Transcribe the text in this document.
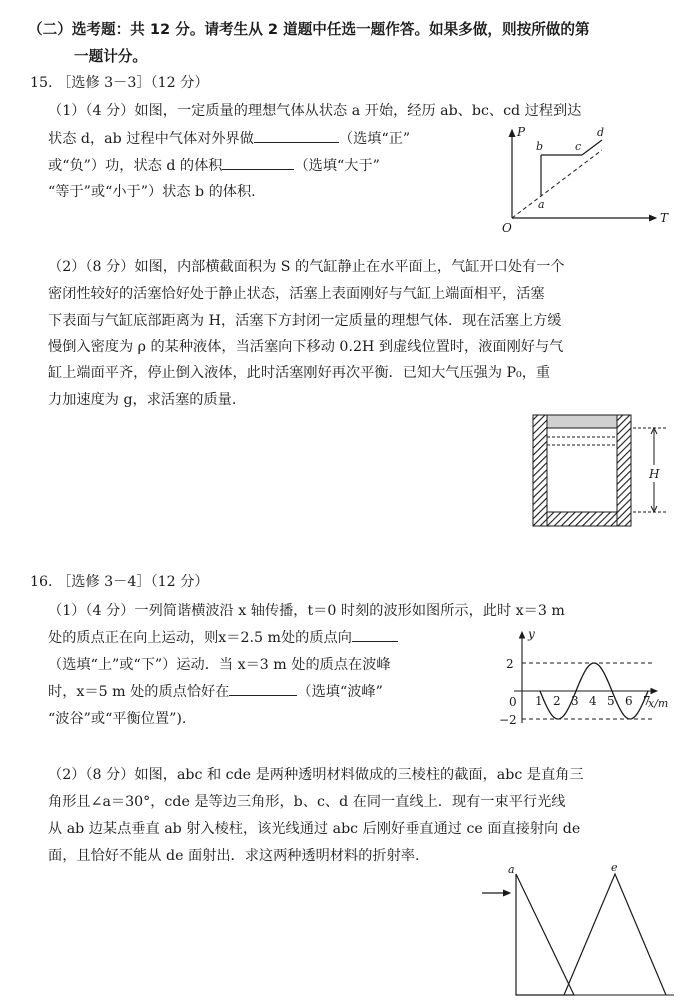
（二）选考题：共 12 分。请考生从 2 道题中任选一题作答。如果多做，则按所做的第
一题计分。
15. ［选修 3－3］（12 分）
（1）（4 分）如图，一定质量的理想气体从状态 a 开始，经历 ab、bc、cd 过程到达
状态 d，ab 过程中气体对外界做	（选填“正”
或“负”）功，状态 d 的体积	（选填“大于”
“等于”或“小于”）状态 b 的体积.
P
T
O
a
b	c
d
（2）（8 分）如图，内部横截面积为 S 的气缸静止在水平面上，气缸开口处有一个
密闭性较好的活塞恰好处于静止状态，活塞上表面刚好与气缸上端面相平，活塞
下表面与气缸底部距离为 H，活塞下方封闭一定质量的理想气体．现在活塞上方缓
慢倒入密度为 ρ 的某种液体，当活塞向下移动 0.2H 到虚线位置时，液面刚好与气
缸上端面平齐，停止倒入液体，此时活塞刚好再次平衡．已知大气压强为 P₀，重
力加速度为 g，求活塞的质量.
H
16. ［选修 3－4］（12 分）
（1）（4 分）一列简谐横波沿 x 轴传播，t＝0 时刻的波形如图所示，此时 x＝3 m
处的质点正在向上运动，则x＝2.5 m处的质点向
（选填“上”或“下”）运动．当 x＝3 m 处的质点在波峰
时，x＝5 m 处的质点恰好在	（选填“波峰”
“波谷”或“平衡位置”).
y
x/m
0
2
−2
1 2 3 4 5 6 7
（2）（8 分）如图，abc 和 cde 是两种透明材料做成的三棱柱的截面，abc 是直角三
角形且∠a＝30°，cde 是等边三角形，b、c、d 在同一直线上．现有一束平行光线
从 ab 边某点垂直 ab 射入棱柱，该光线通过 abc 后刚好垂直通过 ce 面直接射向 de
面，且恰好不能从 de 面射出．求这两种透明材料的折射率.
a	e
